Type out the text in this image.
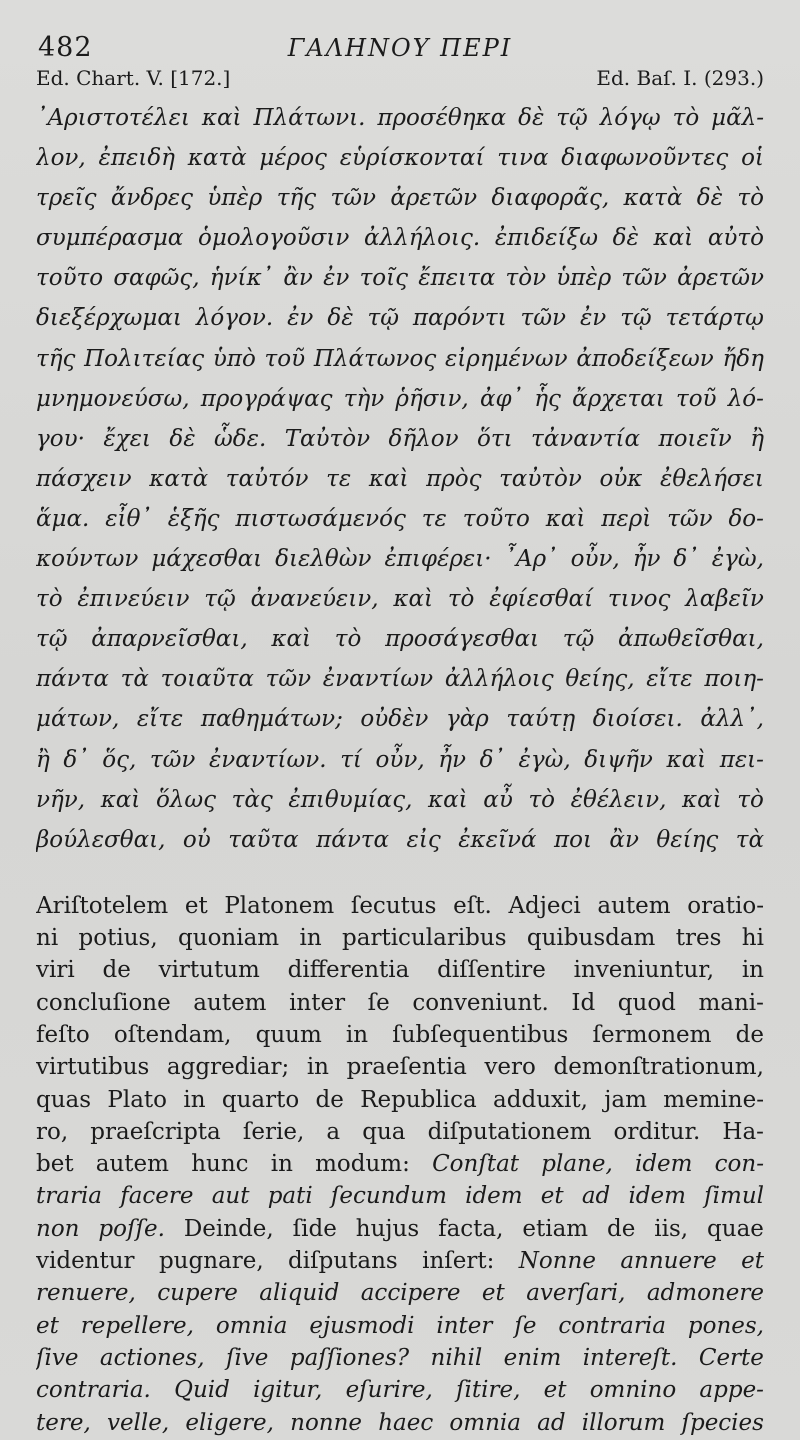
482	ΓΑΛΗΝΟΥ ΠΕΡΙ
Ed. Chart. V. [172.]	Ed. Baſ. I. (293.)
᾿Αριστοτέλει καὶ Πλάτωνι. προσέθηκα δὲ τῷ λόγῳ τὸ μᾶλ-
λον, ἐπειδὴ κατὰ μέρος εὑρίσκονταί τινα διαφωνοῦντες οἱ
τρεῖς ἄνδρες ὑπὲρ τῆς τῶν ἀρετῶν διαφορᾶς, κατὰ δὲ τὸ
συμπέρασμα ὁμολογοῦσιν ἀλλήλοις. ἐπιδείξω δὲ καὶ αὐτὸ
τοῦτο σαφῶς, ἡνίκ᾿ ἂν ἐν τοῖς ἔπειτα τὸν ὑπὲρ τῶν ἀρετῶν
διεξέρχωμαι λόγον. ἐν δὲ τῷ παρόντι τῶν ἐν τῷ τετάρτῳ
τῆς Πολιτείας ὑπὸ τοῦ Πλάτωνος εἰρημένων ἀποδείξεων ἤδη
μνημονεύσω, προγράψας τὴν ῥῆσιν, ἀφ᾿ ἧς ἄρχεται τοῦ λό-
γου· ἔχει δὲ ὧδε. Ταὐτὸν δῆλον ὅτι τἀναντία ποιεῖν ἢ
πάσχειν κατὰ ταὐτόν τε καὶ πρὸς ταὐτὸν οὐκ ἐθελήσει
ἅμα. εἶθ᾿ ἑξῆς πιστωσάμενός τε τοῦτο καὶ περὶ τῶν δο-
κούντων μάχεσθαι διελθὼν ἐπιφέρει· ῏Αρ᾿ οὖν, ἦν δ᾿ ἐγὼ,
τὸ ἐπινεύειν τῷ ἀνανεύειν, καὶ τὸ ἐφίεσθαί τινος λαβεῖν
τῷ ἀπαρνεῖσθαι, καὶ τὸ προσάγεσθαι τῷ ἀπωθεῖσθαι,
πάντα τὰ τοιαῦτα τῶν ἐναντίων ἀλλήλοις θείης, εἴτε ποιη-
μάτων, εἴτε παθημάτων; οὐδὲν γὰρ ταύτῃ διοίσει. ἀλλ᾿,
ἢ δ᾿ ὅς, τῶν ἐναντίων. τί οὖν, ἦν δ᾿ ἐγὼ, διψῆν καὶ πει-
νῆν, καὶ ὅλως τὰς ἐπιθυμίας, καὶ αὖ τὸ ἐθέλειν, καὶ τὸ
βούλεσθαι, οὐ ταῦτα πάντα εἰς ἐκεῖνά ποι ἂν θείης τὰ
Ariſtotelem et Platonem ſecutus eſt. Adjeci autem oratio-
ni potius, quoniam in particularibus quibusdam tres hi
viri de virtutum differentia diſſentire inveniuntur, in
concluſione autem inter ſe conveniunt. Id quod mani-
feſto oſtendam, quum in ſubſequentibus ſermonem de
virtutibus aggrediar; in praeſentia vero demonſtrationum,
quas Plato in quarto de Republica adduxit, jam memine-
ro, praeſcripta ſerie, a qua diſputationem orditur. Ha-
bet autem hunc in modum: Conſtat plane, idem con-
traria facere aut pati ſecundum idem et ad idem ſimul
non poſſe. Deinde, ſide hujus facta, etiam de iis, quae
videntur pugnare, diſputans inſert: Nonne annuere et
renuere, cupere aliquid accipere et averſari, admonere
et repellere, omnia ejusmodi inter ſe contraria pones,
ſive actiones, ſive paſſiones? nihil enim intereſt. Certe
contraria. Quid igitur, eſurire, ſitire, et omnino appe-
tere, velle, eligere, nonne haec omnia ad illorum ſpecies
